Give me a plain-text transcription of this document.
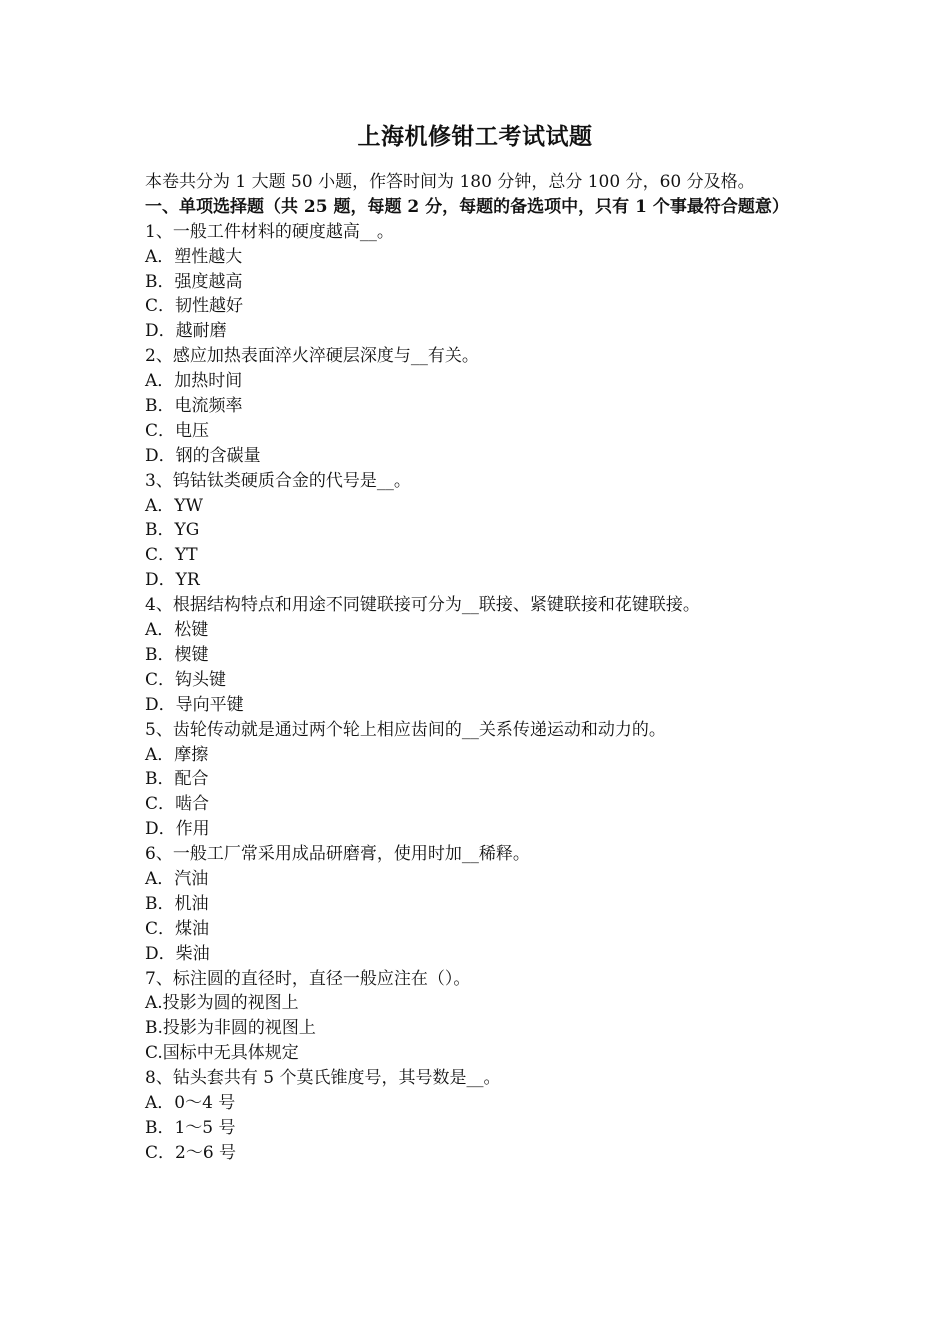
上海机修钳工考试试题
本卷共分为 1 大题 50 小题，作答时间为 180 分钟，总分 100 分，60 分及格。
一、单项选择题（共 25 题，每题 2 分，每题的备选项中，只有 1 个事最符合题意）
1、一般工件材料的硬度越高__。
A．塑性越大
B．强度越高
C．韧性越好
D．越耐磨
2、感应加热表面淬火淬硬层深度与__有关。
A．加热时间
B．电流频率
C．电压
D．钢的含碳量
3、钨钴钛类硬质合金的代号是__。
A．YW
B．YG
C．YT
D．YR
4、根据结构特点和用途不同键联接可分为__联接、紧键联接和花键联接。
A．松键
B．楔键
C．钩头键
D．导向平键
5、齿轮传动就是通过两个轮上相应齿间的__关系传递运动和动力的。
A．摩擦
B．配合
C．啮合
D．作用
6、一般工厂常采用成品研磨膏，使用时加__稀释。
A．汽油
B．机油
C．煤油
D．柴油
7、标注圆的直径时，直径一般应注在（）。
A.投影为圆的视图上
B.投影为非圆的视图上
C.国标中无具体规定
8、钻头套共有 5 个莫氏锥度号，其号数是__。
A．0～4 号
B．1～5 号
C．2～6 号
